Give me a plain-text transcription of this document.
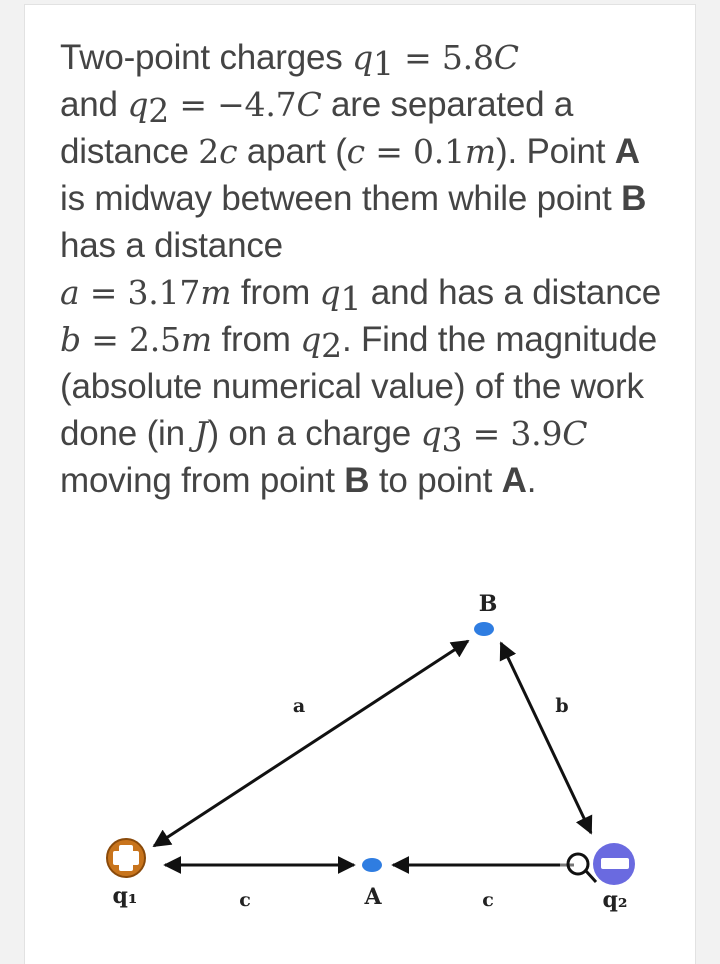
Two-point charges $q_1 = 5.8C$
and $q_2 = -4.7C$ are separated a distance 2c apart (c = 0.1m). Point A is midway between them while point B has a distance
a = 3.17m from $q_1$ and has a distance b = 2.5m from $q_2$. Find the magnitude (absolute numerical value) of the work done (in J) on a charge $q_3 = 3.9C$ moving from point B to point A.
B
a	b
q₁	c	A	c	q₂
